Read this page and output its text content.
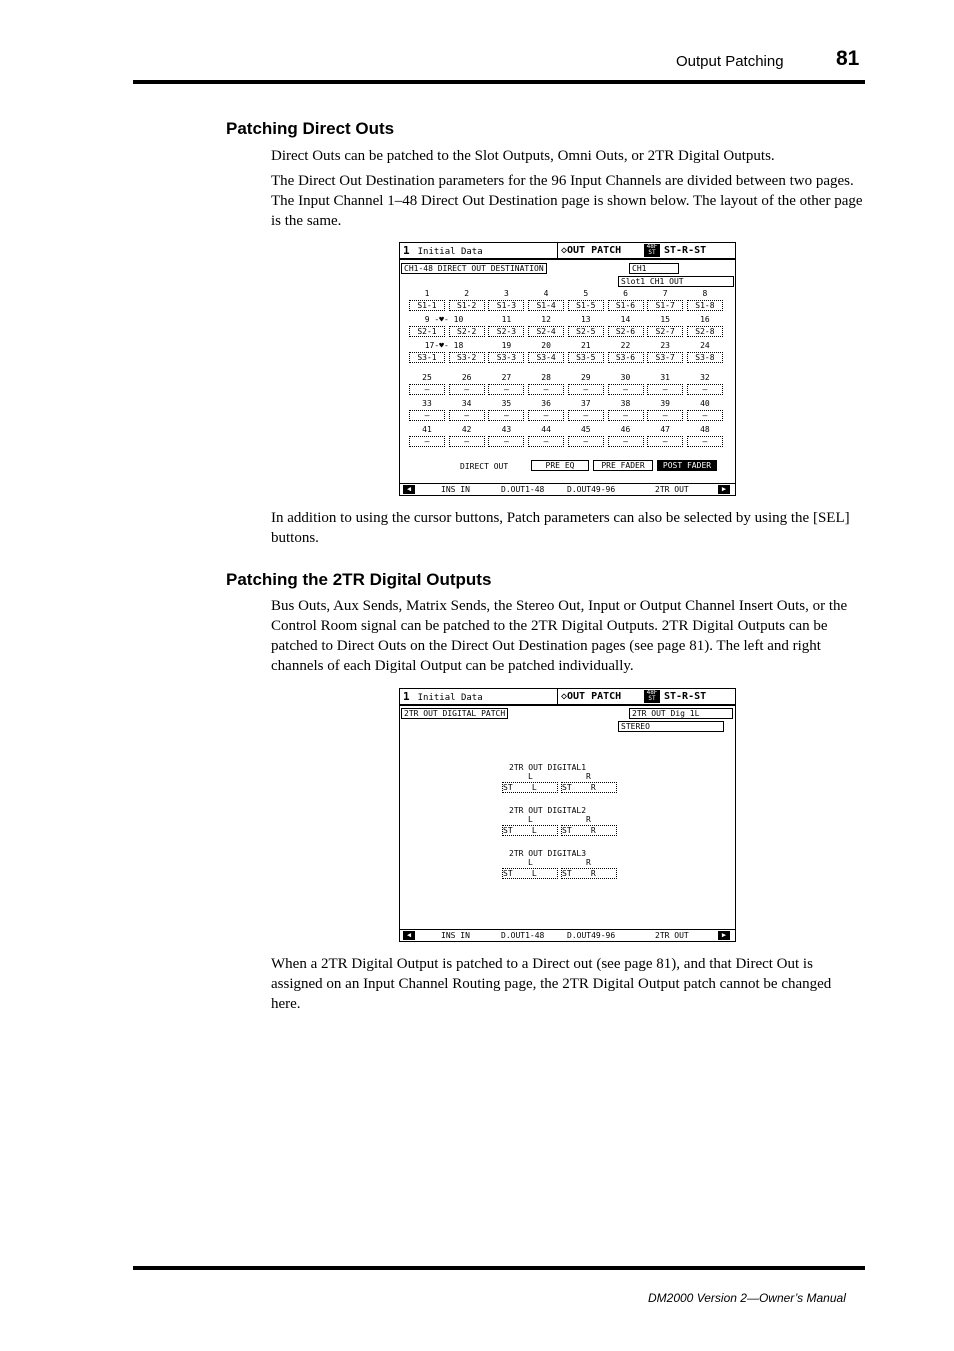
Output Patching 81
Patching Direct Outs

Direct Outs can be patched to the Slot Outputs, Omni Outs, or 2TR Digital Outputs.

The Direct Out Destination parameters for the 96 Input Channels are divided between two pages. The Input Channel 1–48 Direct Out Destination page is shown below. The layout of the other page is the same.

1 Initial Data	◇OUT PATCH	48F
ST ST-R-ST
CH1-48 DIRECT OUT DESTINATION	CH1
Slot1 CH1 OUT
1	2	3	4	5	6	7	8
S1-1	S1-2	S1-3	S1-4	S1-5	S1-6	S1-7	S1-8
9 -♥- 10	11	12	13	14	15	16
S2-1	S2-2	S2-3	S2-4	S2-5	S2-6	S2-7	S2-8
17-♥- 18	19	20	21	22	23	24
S3-1	S3-2	S3-3	S3-4	S3-5	S3-6	S3-7	S3-8
25	26	27	28	29	30	31	32
–	–	–	–	–	–	–	–
33	34	35	36	37	38	39	40
–	–	–	–	–	–	–	–
41	42	43	44	45	46	47	48
–	–	–	–	–	–	–	–
DIRECT OUT	PRE EQ	PRE FADER	POST FADER
◀	INS IN	D.OUT1-48	D.OUT49-96	2TR OUT	▶

In addition to using the cursor buttons, Patch parameters can also be selected by using the [SEL] buttons.

Patching the 2TR Digital Outputs

Bus Outs, Aux Sends, Matrix Sends, the Stereo Out, Input or Output Channel Insert Outs, or the Control Room signal can be patched to the 2TR Digital Outputs. 2TR Digital Outputs can be patched to Direct Outs on the Direct Out Destination pages (see page 81). The left and right channels of each Digital Output can be patched individually.

1 Initial Data	◇OUT PATCH	48F
ST ST-R-ST
2TR OUT DIGITAL PATCH	2TR OUT Dig 1L
STEREO
2TR OUT DIGITAL1
L	R
ST    L	ST    R
2TR OUT DIGITAL2
L	R
ST    L	ST    R
2TR OUT DIGITAL3
L	R
ST    L	ST    R
◀	INS IN	D.OUT1-48	D.OUT49-96	2TR OUT	▶

When a 2TR Digital Output is patched to a Direct out (see page 81), and that Direct Out is assigned on an Input Channel Routing page, the 2TR Digital Output patch cannot be changed here.

DM2000 Version 2—Owner’s Manual
